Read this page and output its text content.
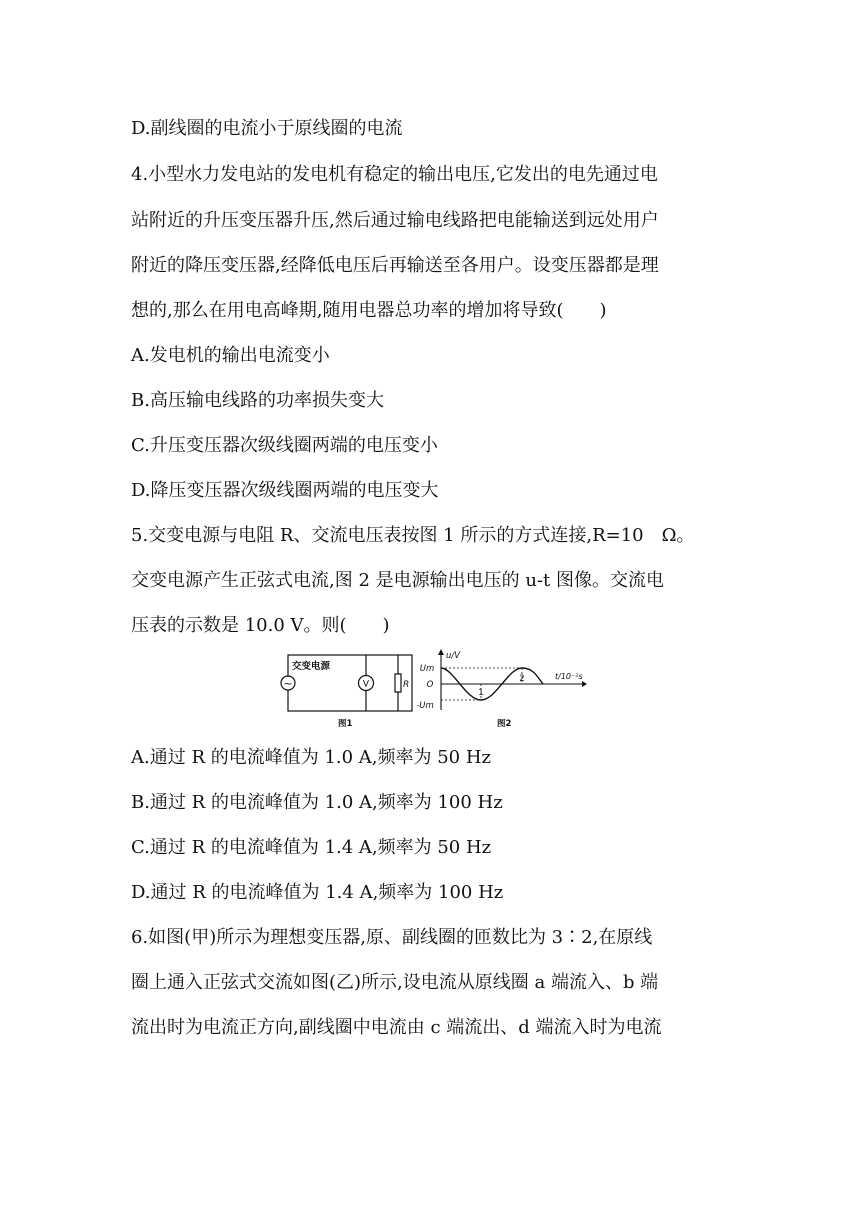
D.副线圈的电流小于原线圈的电流
4.小型水力发电站的发电机有稳定的输出电压,它发出的电先通过电
站附近的升压变压器升压,然后通过输电线路把电能输送到远处用户
附近的降压变压器,经降低电压后再输送至各用户。设变压器都是理
想的,那么在用电高峰期,随用电器总功率的增加将导致(　　)
A.发电机的输出电流变小
B.高压输电线路的功率损失变大
C.升压变压器次级线圈两端的电压变小
D.降压变压器次级线圈两端的电压变大
5.交变电源与电阻 R、交流电压表按图 1 所示的方式连接,R=10　Ω。
交变电源产生正弦式电流,图 2 是电源输出电压的 u-t 图像。交流电
压表的示数是 10.0 V。则(　　)
~	V	R
交变电源
图1
Um
O
-Um
u/V
t/10⁻²s
1
2
图2
A.通过 R 的电流峰值为 1.0 A,频率为 50 Hz
B.通过 R 的电流峰值为 1.0 A,频率为 100 Hz
C.通过 R 的电流峰值为 1.4 A,频率为 50 Hz
D.通过 R 的电流峰值为 1.4 A,频率为 100 Hz
6.如图(甲)所示为理想变压器,原、副线圈的匝数比为 3∶2,在原线
圈上通入正弦式交流如图(乙)所示,设电流从原线圈 a 端流入、b 端
流出时为电流正方向,副线圈中电流由 c 端流出、d 端流入时为电流
